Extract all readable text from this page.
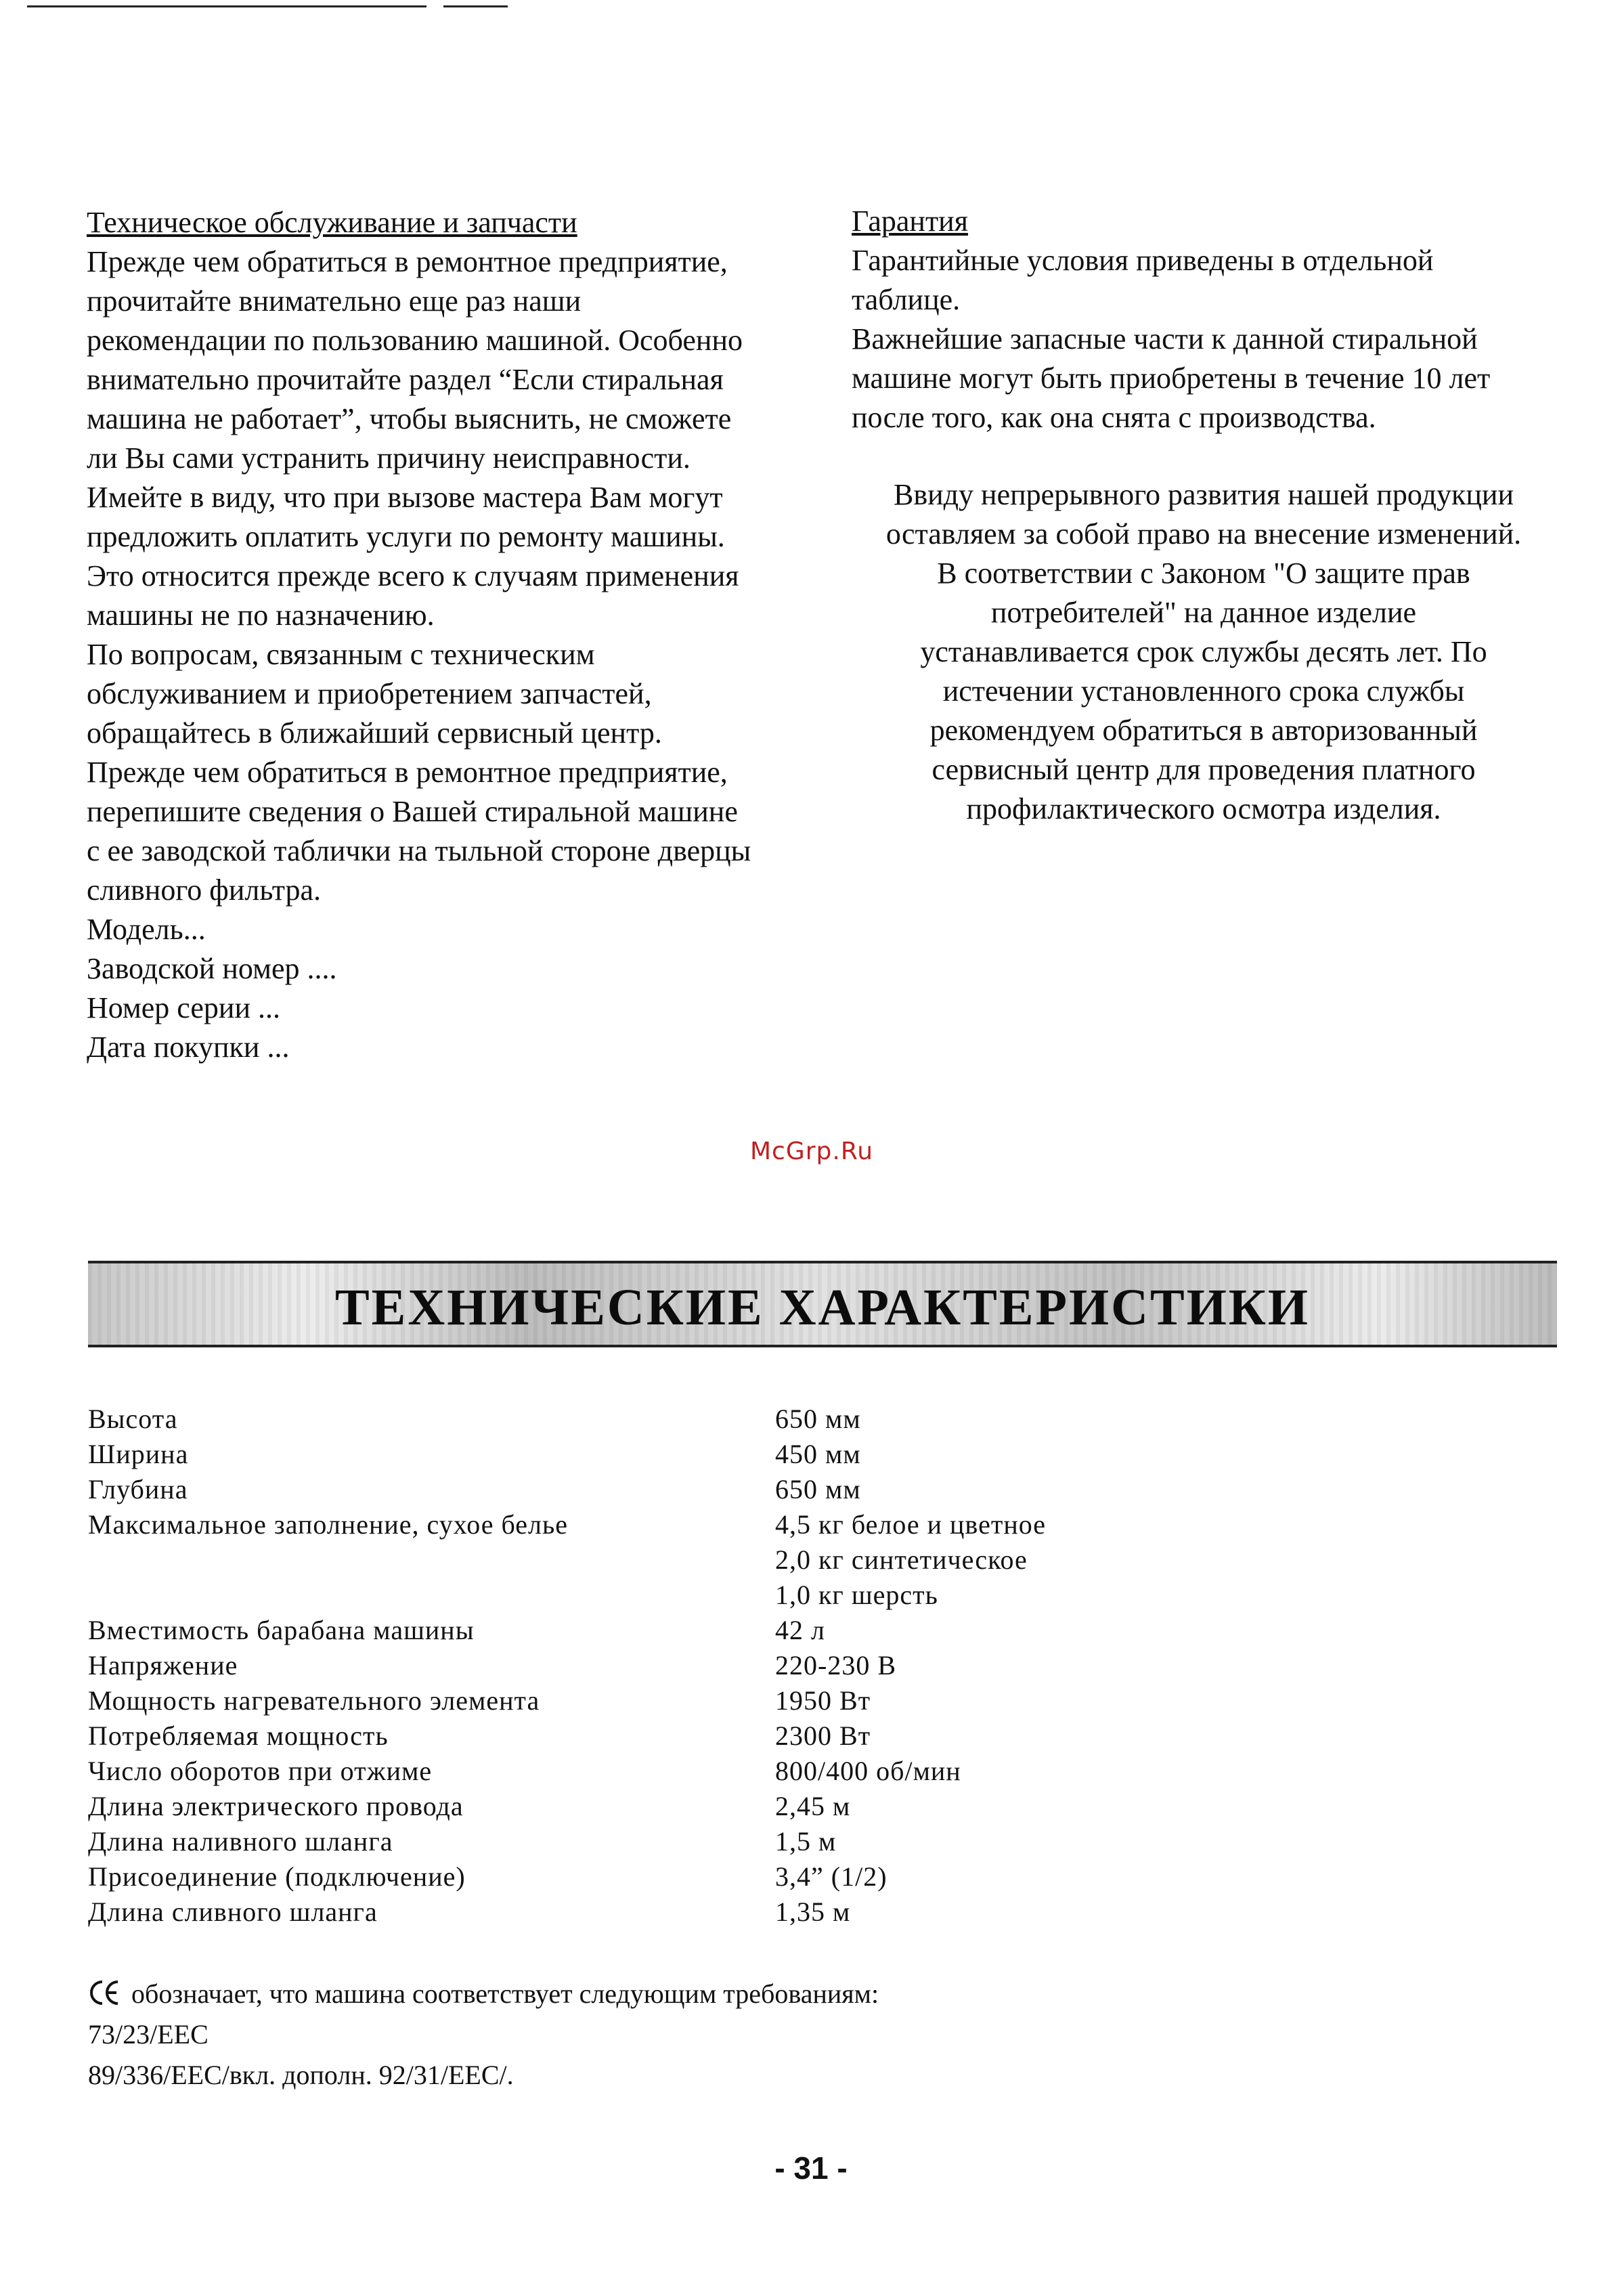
Техническое обслуживание и запчасти
Прежде чем обратиться в ремонтное предприятие,
прочитайте внимательно еще раз наши
рекомендации по пользованию машиной. Особенно
внимательно прочитайте раздел “Если стиральная
машина не работает”, чтобы выяснить, не сможете
ли Вы сами устранить причину неисправности.
Имейте в виду, что при вызове мастера Вам могут
предложить оплатить услуги по ремонту машины.
Это относится прежде всего к случаям применения
машины не по назначению.
По вопросам, связанным с техническим
обслуживанием и приобретением запчастей,
обращайтесь в ближайший сервисный центр.
Прежде чем обратиться в ремонтное предприятие,
перепишите сведения о Вашей стиральной машине
с ее заводской таблички на тыльной стороне дверцы
сливного фильтра.
Модель...
Заводской номер ....
Номер серии ...
Дата покупки ...
Гарантия
Гарантийные условия приведены в отдельной
таблице.
Важнейшие запасные части к данной стиральной
машине могут быть приобретены в течение 10 лет
после того, как она снята с производства.
Ввиду непрерывного развития нашей продукции
оставляем за собой право на внесение изменений.
В соответствии с Законом "О защите прав
потребителей" на данное изделие
устанавливается срок службы десять лет. По
истечении установленного срока службы
рекомендуем обратиться в авторизованный
сервисный центр для проведения платного
профилактического осмотра изделия.
McGrp.Ru
ТЕХНИЧЕСКИЕ ХАРАКТЕРИСТИКИ
Высота	650 мм
Ширина	450 мм
Глубина	650 мм
Максимальное заполнение, сухое белье	4,5 кг белое и цветное
2,0 кг синтетическое
1,0 кг шерсть
Вместимость барабана машины	42 л
Напряжение	220-230 В
Мощность нагревательного элемента	1950 Вт
Потребляемая мощность	2300 Вт
Число оборотов при отжиме	800/400 об/мин
Длина электрического провода	2,45 м
Длина наливного шланга	1,5 м
Присоединение (подключение)	3,4” (1/2)
Длина сливного шланга	1,35 м
обозначает, что машина соответствует следующим требованиям:
73/23/EEC
89/336/EEC/вкл. дополн. 92/31/EEC/.
- 31 -
